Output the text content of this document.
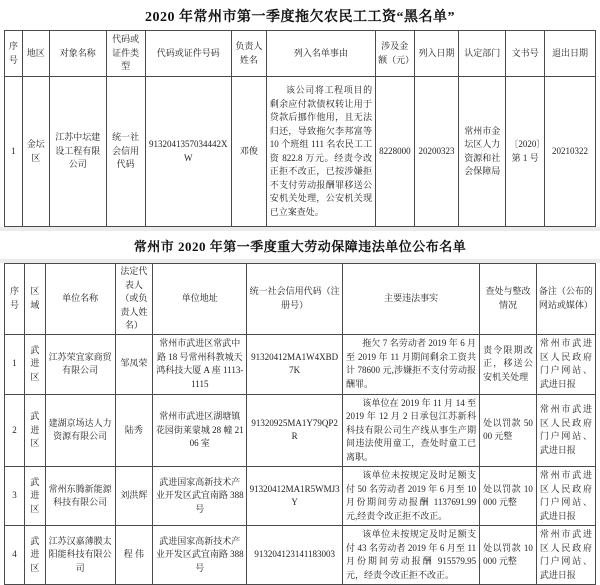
2020 年常州市第一季度拖欠农民工工资“黑名单”
序号	地区	对象名称	代码或证件类型	代码或证件号码	负责人姓名	列入名单事由	涉及金额（元）	列入日期	认定部门	文书号	退出日期
1	金坛区	江苏中坛建设工程有限公司	统一社会信用代码	9132041357034442XW	邓俊	该公司将工程项目的剩余应付款债权转让用于贷款后挪作他用，且无法归还，导致拖欠李邦富等 10 个班组 111 名农民工工资 822.8 万元。经责令改正拒不改正，已按涉嫌拒不支付劳动报酬罪移送公安机关处理，公安机关现已立案查处。	8228000	20200323	常州市金坛区人力资源和社会保障局	〔2020〕第 1 号	20210322
常州市 2020 年第一季度重大劳动保障违法单位公布名单
序号	区域	单位名称	法定代表人（或负责人姓名）	单位地址	统一社会信用代码（注册号）	主要违法事实	查处与整改情况	备注（公布的网站或媒体）
1	武进区	江苏荣宜家商贸有限公司	邹凤荣	常州市武进区常武中路 18 号常州科教城天鸿科技大厦 A 座 1113-1115	91320412MA1W4XBD7K	拖欠 7 名劳动者 2019 年 6 月至 2019 年 11 月期间剩余工资共计 78600 元,涉嫌拒不支付劳动报酬罪。	责令限期改正，移送公安机关处理	常州市武进区人民政府门户网站、武进日报
2	武进区	建湖京场达人力资源有限公司	陆秀	常州市武进区湖塘镇花园街莱蒙城 28 幢 2106 室	91320925MA1Y79QP2R	该单位在 2019 年 11 月 14 至 2019 年 12 月 2 日承包江苏新科科技有限公司生产线从事生产期间违法使用童工，查处时童工已离职。	处以罚款 5000 元整	常州市武进区人民政府门户网站、武进日报
3	武进区	常州东腾新能源科技有限公司	刘洪辉	武进国家高新技术产业开发区武宜南路 388 号	91320412MA1R5WMJ3Y	该单位未按规定及时足额支付 50 名劳动者 2019 年 6 月至 10 月份期间劳动报酬 1137691.99 元,经责令改正拒不改正。	处以罚款 10000 元整	常州市武进区人民政府门户网站、武进日报
4	武进区	江苏汉嘉薄膜太阳能科技有限公司	程 伟	武进国家高新技术产业开发区武宜南路 388 号	913204123141183003	该单位未按规定及时足额支付 43 名劳动者 2019 年 6 月至 11 月份期间劳动报酬 915579.95 元，经责令改正拒不改正。	处以罚款 10000 元整	常州市武进区人民政府门户网站、武进日报
